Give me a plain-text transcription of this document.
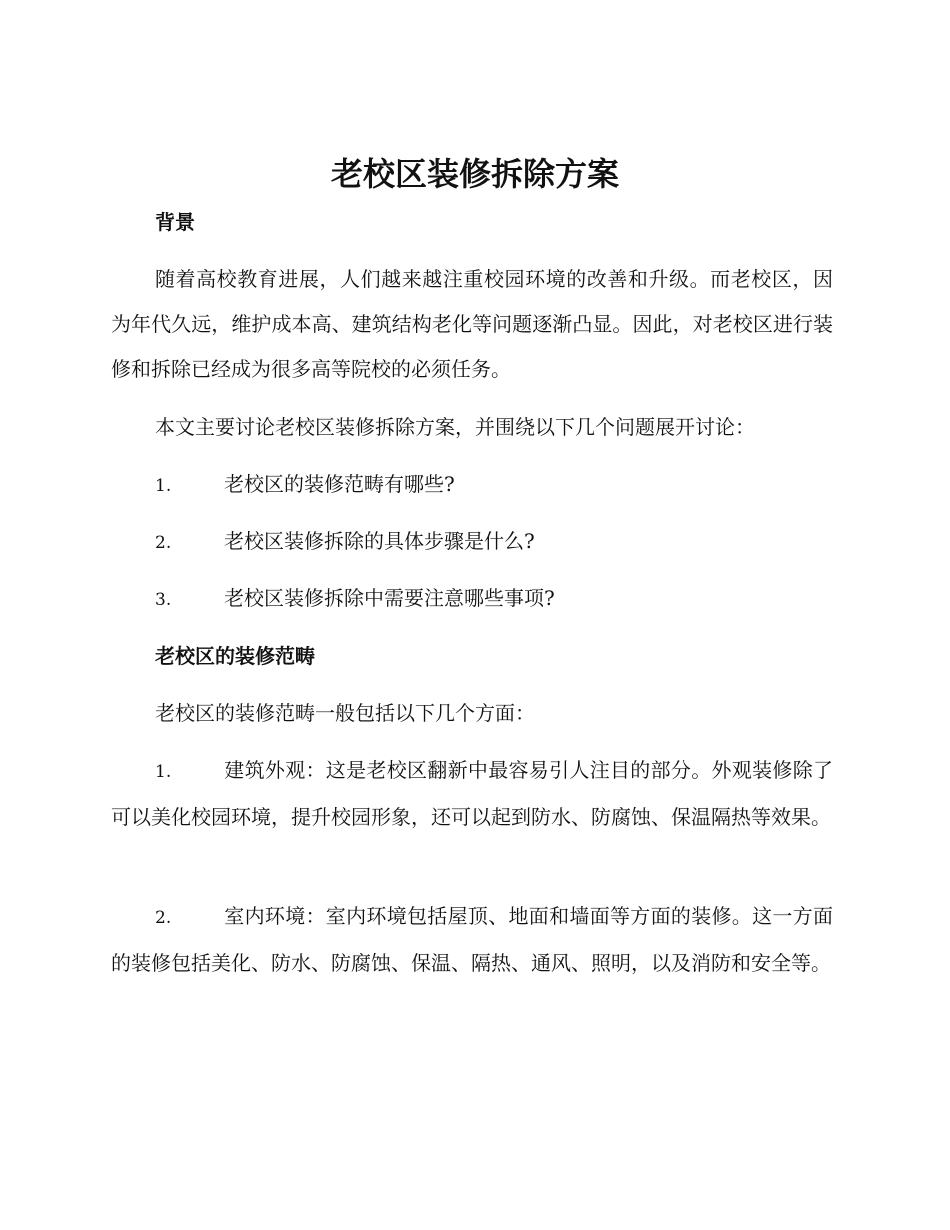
老校区装修拆除方案
背景

随着高校教育进展，人们越来越注重校园环境的改善和升级。而老校区，因为年代久远，维护成本高、建筑结构老化等问题逐渐凸显。因此，对老校区进行装修和拆除已经成为很多高等院校的必须任务。

本文主要讨论老校区装修拆除方案，并围绕以下几个问题展开讨论：

1.	老校区的装修范畴有哪些?

2.	老校区装修拆除的具体步骤是什么?

3.	老校区装修拆除中需要注意哪些事项?

老校区的装修范畴

老校区的装修范畴一般包括以下几个方面：

1.	建筑外观：这是老校区翻新中最容易引人注目的部分。外观装修除了可以美化校园环境，提升校园形象，还可以起到防水、防腐蚀、保温隔热等效果。

2.	室内环境：室内环境包括屋顶、地面和墙面等方面的装修。这一方面的装修包括美化、防水、防腐蚀、保温、隔热、通风、照明，以及消防和安全等。
